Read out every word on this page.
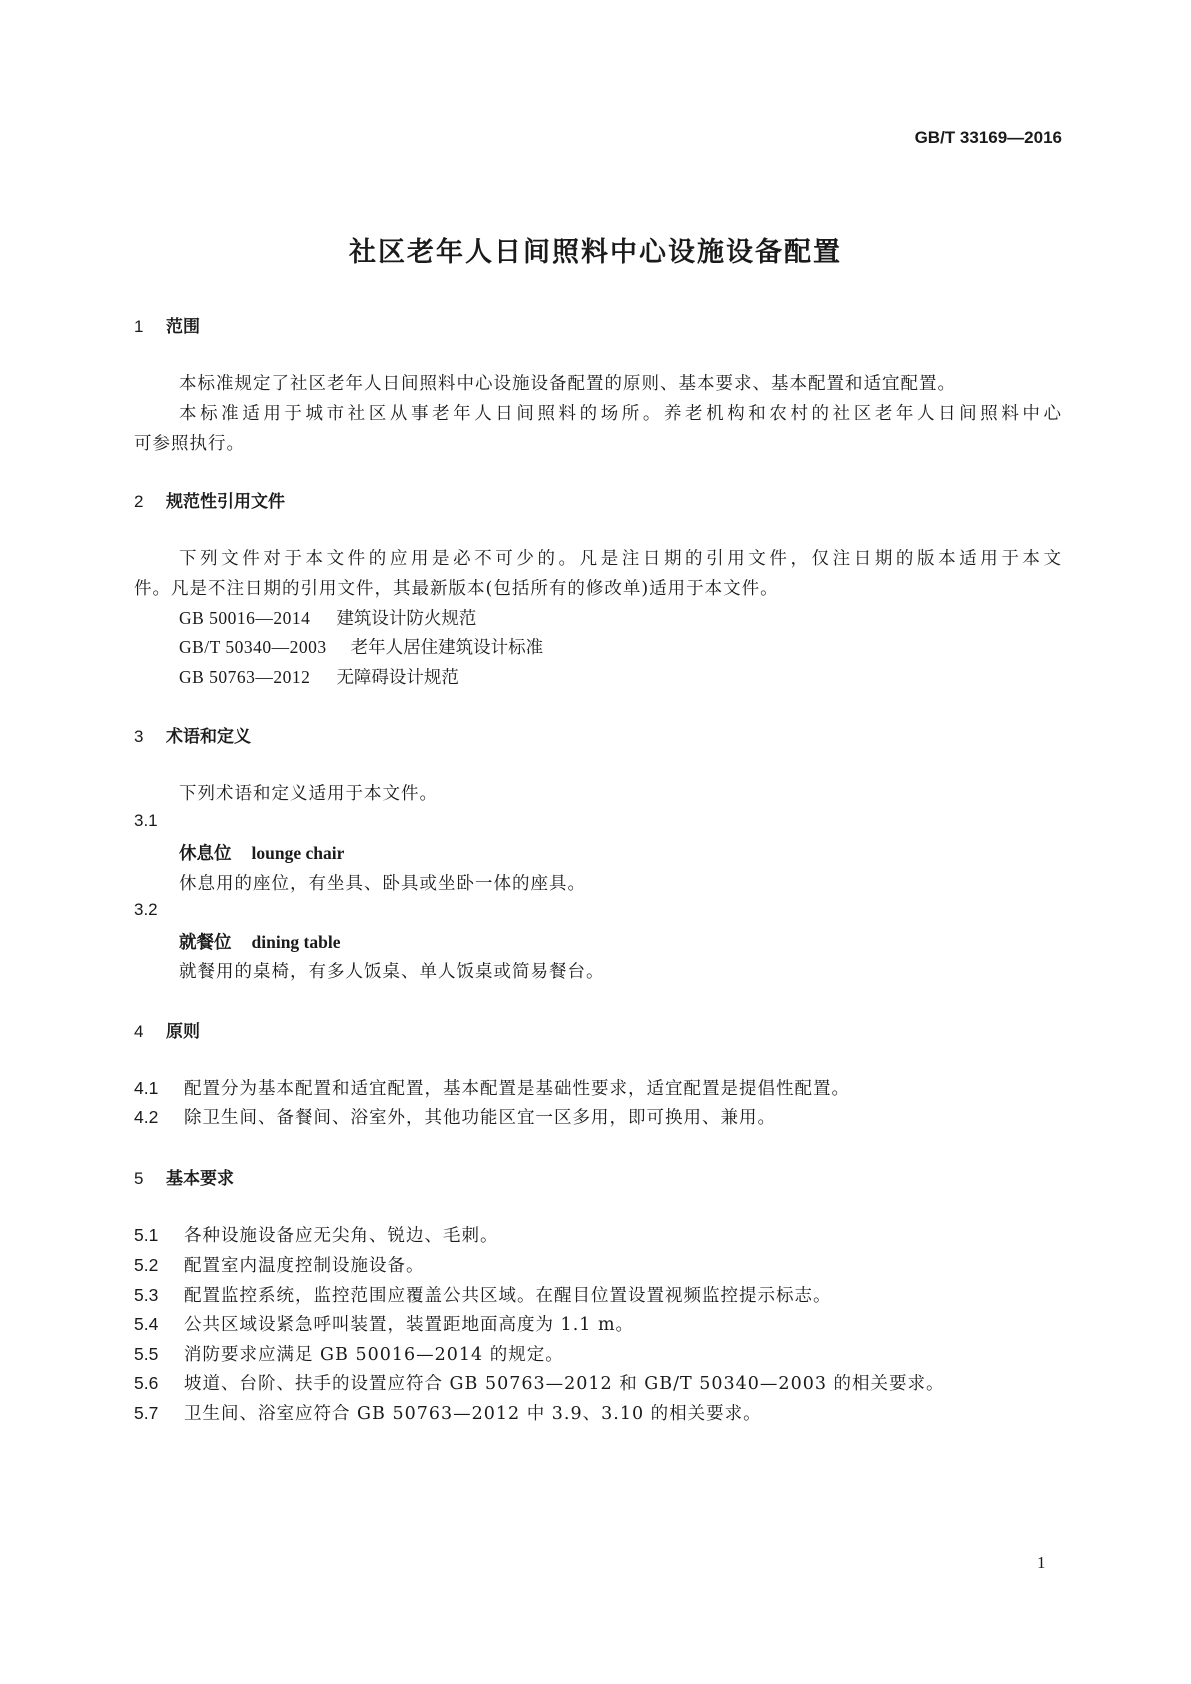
GB/T 33169—2016
社区老年人日间照料中心设施设备配置
1 范围
本标准规定了社区老年人日间照料中心设施设备配置的原则、基本要求、基本配置和适宜配置。
本标准适用于城市社区从事老年人日间照料的场所。养老机构和农村的社区老年人日间照料中心
可参照执行。
2 规范性引用文件
下列文件对于本文件的应用是必不可少的。凡是注日期的引用文件，仅注日期的版本适用于本文
件。凡是不注日期的引用文件，其最新版本(包括所有的修改单)适用于本文件。
GB 50016—2014 建筑设计防火规范
GB/T 50340—2003 老年人居住建筑设计标准
GB 50763—2012 无障碍设计规范
3 术语和定义
下列术语和定义适用于本文件。
3.1
休息位 lounge chair
休息用的座位，有坐具、卧具或坐卧一体的座具。
3.2
就餐位 dining table
就餐用的桌椅，有多人饭桌、单人饭桌或简易餐台。
4 原则
4.1 配置分为基本配置和适宜配置，基本配置是基础性要求，适宜配置是提倡性配置。
4.2 除卫生间、备餐间、浴室外，其他功能区宜一区多用，即可换用、兼用。
5 基本要求
5.1 各种设施设备应无尖角、锐边、毛刺。
5.2 配置室内温度控制设施设备。
5.3 配置监控系统，监控范围应覆盖公共区域。在醒目位置设置视频监控提示标志。
5.4 公共区域设紧急呼叫装置，装置距地面高度为 1.1 m。
5.5 消防要求应满足 GB 50016—2014 的规定。
5.6 坡道、台阶、扶手的设置应符合 GB 50763—2012 和 GB/T 50340—2003 的相关要求。
5.7 卫生间、浴室应符合 GB 50763—2012 中 3.9、3.10 的相关要求。
1
